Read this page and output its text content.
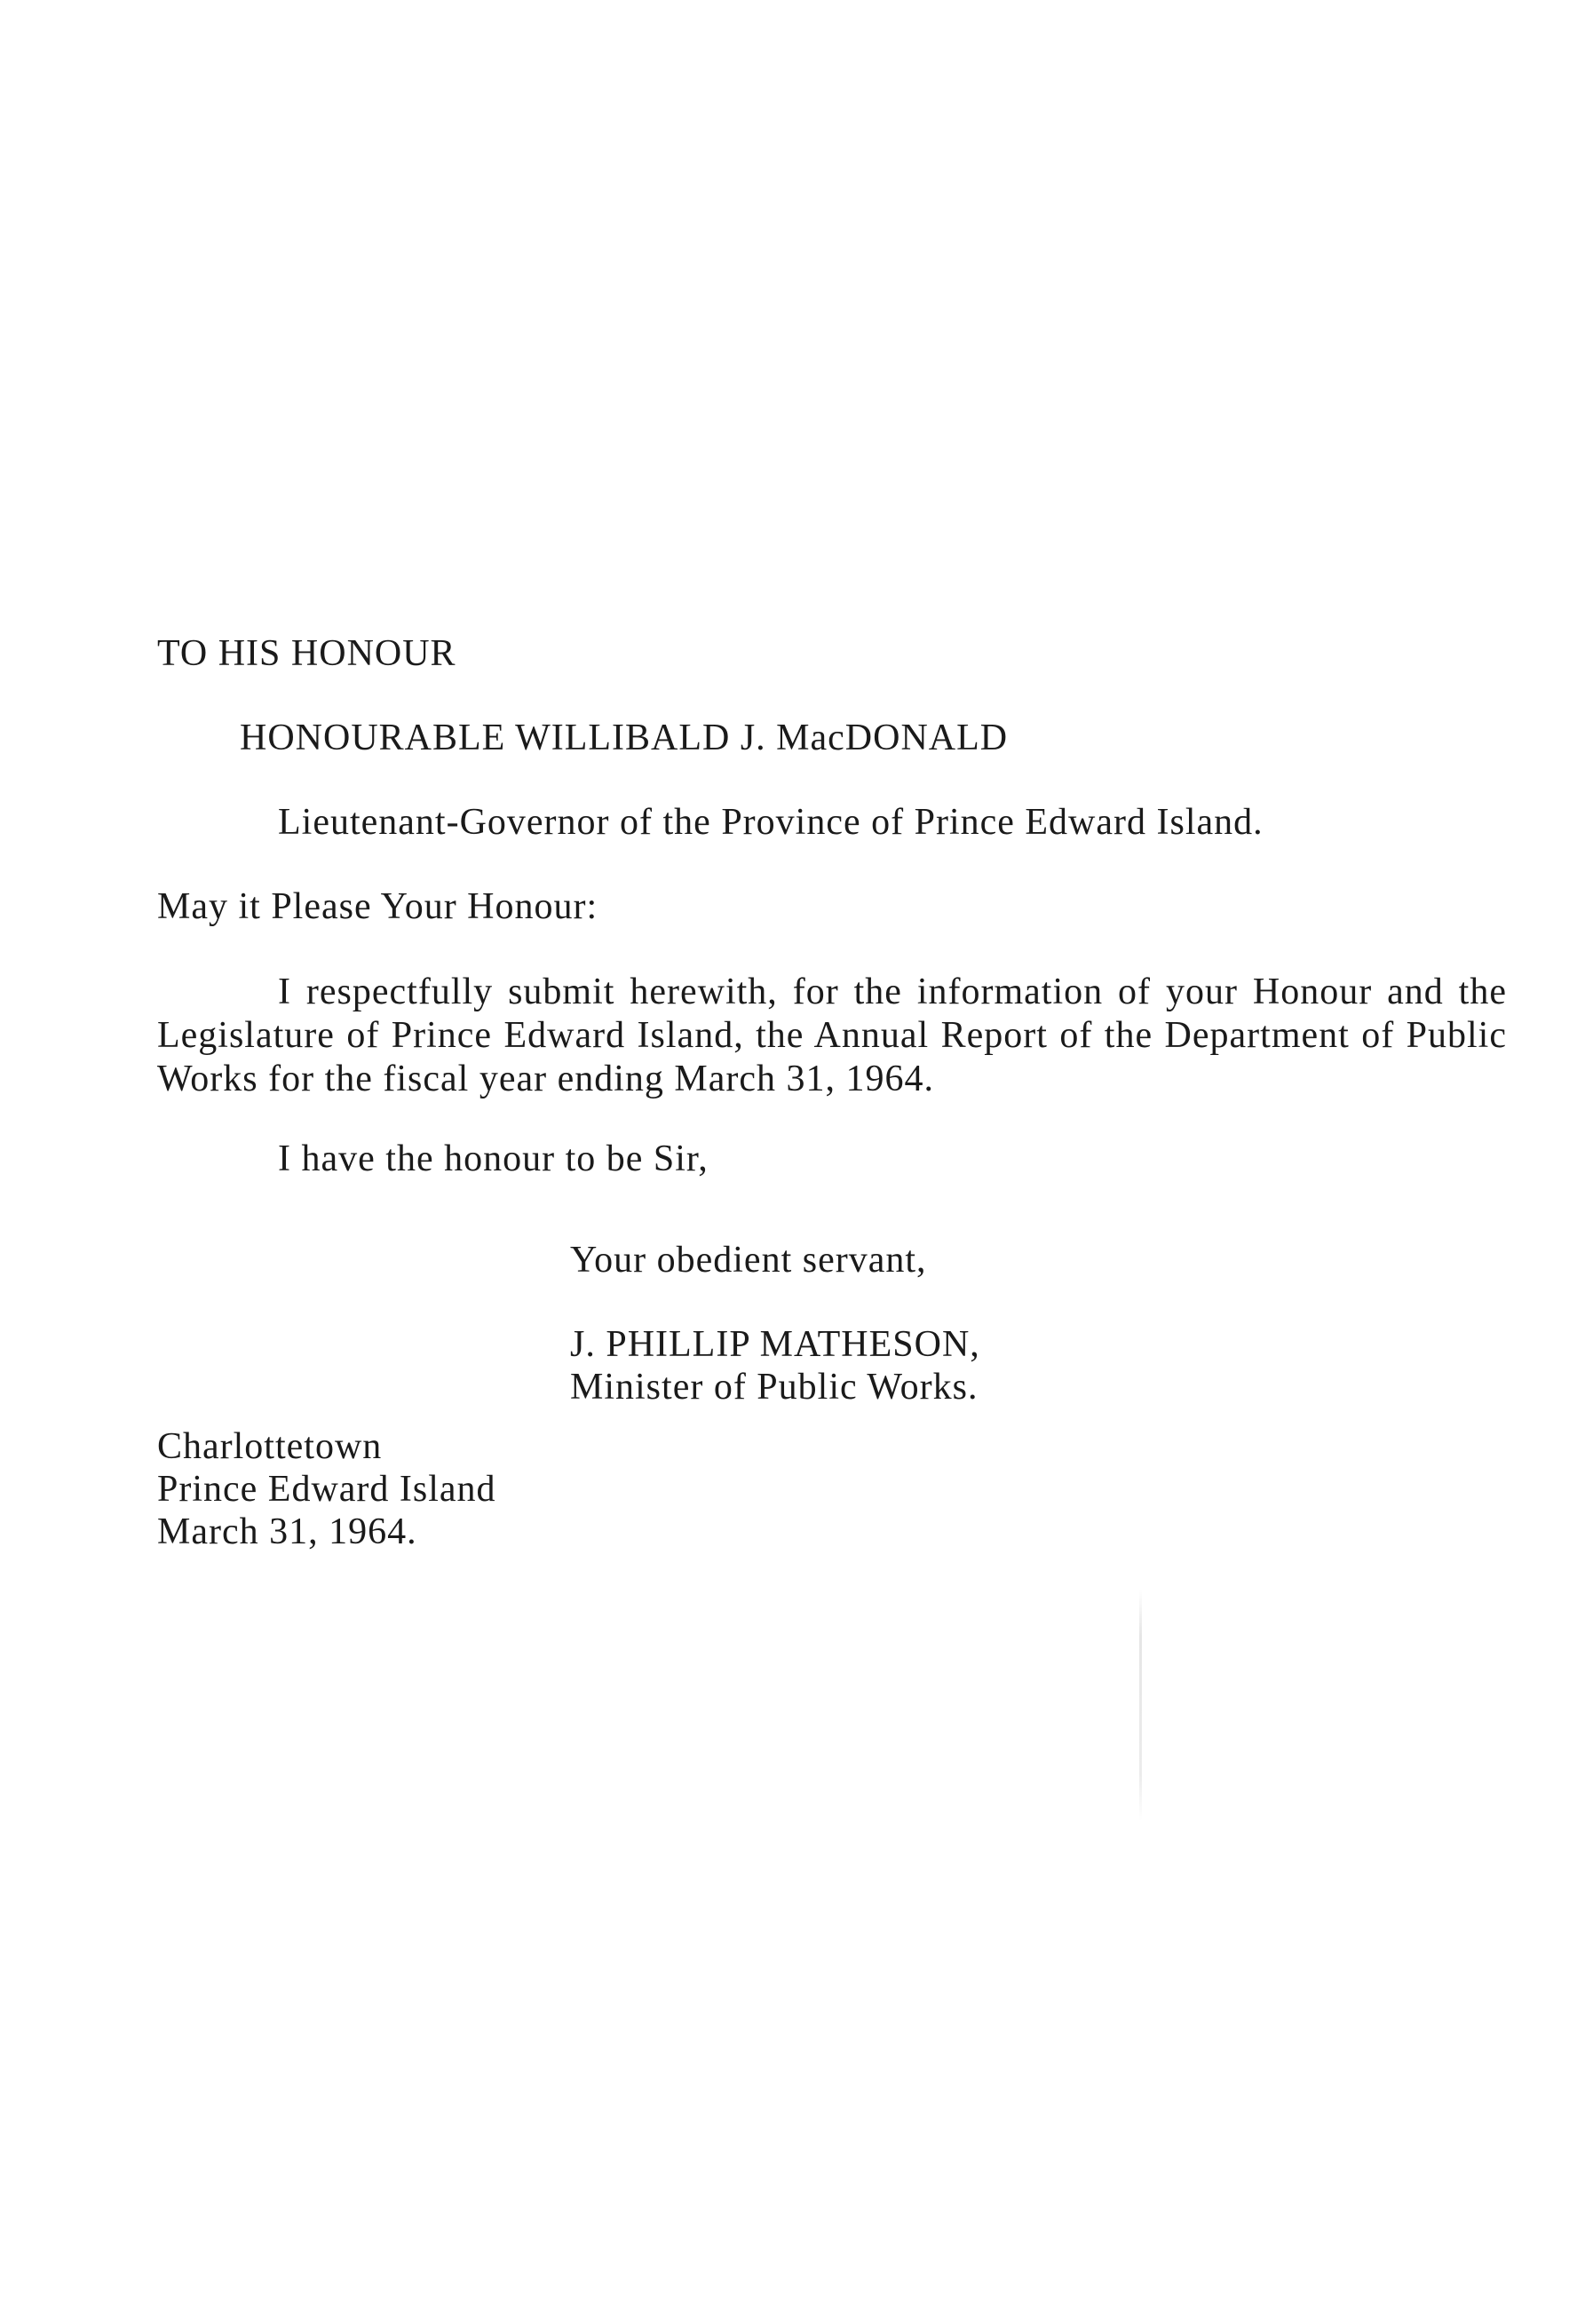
TO HIS HONOUR
HONOURABLE WILLIBALD J. MacDONALD
Lieutenant-Governor of the Province of Prince Edward Island.
May it Please Your Honour:
I respectfully submit herewith, for the information of your Honour and the Legislature of Prince Edward Island, the Annual Report of the Department of Public Works for the fiscal year ending March 31, 1964.
I have the honour to be Sir,
Your obedient servant,
J. PHILLIP MATHESON,
Minister of Public Works.
Charlottetown
Prince Edward Island
March 31, 1964.
